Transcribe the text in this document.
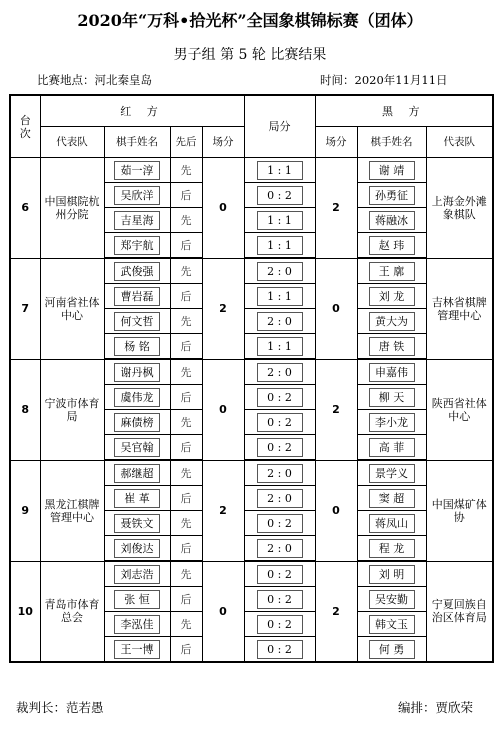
2020年“万科•拾光杯”全国象棋锦标赛（团体）
男子组 第 5 轮 比赛结果
比赛地点：河北秦皇岛	时间：2020年11月11日
台
次	红 方				局分	黑 方		
	代表队	棋手姓名	先后	场分		场分	棋手姓名	代表队
6	中国棋院杭州分院	茹一淳	先	0	1 : 1	2	谢 靖	上海金外滩象棋队

		吴欣洋	后		0 : 2		孙勇征	

		吉星海	先		1 : 1		蒋融冰	

		郑宇航	后		1 : 1		赵 玮	

7	河南省社体中心	武俊强	先	2	2 : 0	0	王 廓	吉林省棋牌管理中心

		曹岩磊	后		1 : 1		刘 龙	

		何文哲	先		2 : 0		黄大为	

		杨 铭	后		1 : 1		唐 铁	

8	宁波市体育局	谢丹枫	先	0	2 : 0	2	申嘉伟	陕西省社体中心

		虞伟龙	后		0 : 2		柳 天	

		麻债榜	先		0 : 2		李小龙	

		吴官翰	后		0 : 2		高 菲	

9	黑龙江棋牌管理中心	郝继超	先	2	2 : 0	0	景学义	中国煤矿体协

		崔 革	后		2 : 0		窦 超	

		聂铁文	先		0 : 2		蒋凤山	

		刘俊达	后		2 : 0		程 龙	

10	青岛市体育总会	刘志浩	先	0	0 : 2	2	刘 明	宁夏回族自治区体育局

		张 恒	后		0 : 2		吴安勤	

		李泓佳	先		0 : 2		韩文玉	

		王一博	后		0 : 2		何 勇	
裁判长：范若愚	编排：贾欣荣
